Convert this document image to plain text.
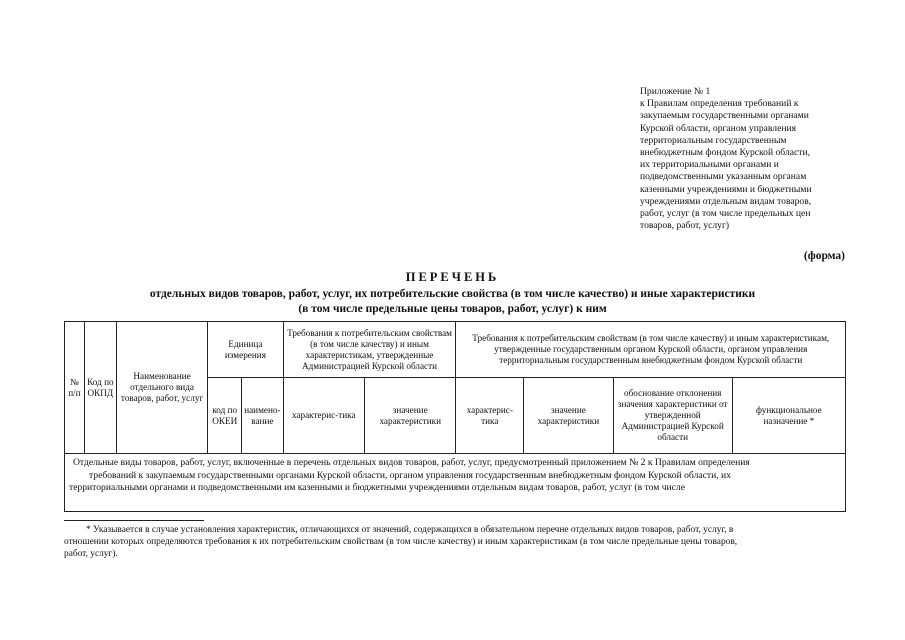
Приложение № 1
к Правилам определения требований к
закупаемым государственными органами
Курской области, органом управления
территориальным государственным
внебюджетным фондом Курской области,
их территориальными органами и
подведомственными указанным органам
казенными учреждениями и бюджетными
учреждениями отдельным видам товаров,
работ, услуг (в том числе предельных цен
товаров, работ, услуг)
(форма)
ПЕРЕЧЕНЬ
отдельных видов товаров, работ, услуг, их потребительские свойства (в том числе качество) и иные характеристики
(в том числе предельные цены товаров, работ, услуг) к ним
№ п/п	Код по ОКПД	Наименование отдельного вида товаров, работ, услуг	Единица измерения		Требования к потребительским свойствам (в том числе качеству) и иным характеристикам, утвержденные Администрацией Курской области		Требования к потребительским свойствам (в том числе качеству) и иным характеристикам, утвержденные государственным органом Курской области, органом управления территориальным государственным внебюджетным фондом Курской области			
			код по ОКЕИ	наимено-вание	характерис-тика	значение характеристики	характерис-тика	значение характеристики	обоснование отклонения значения характеристики от утвержденной Администрацией Курской области	функциональное назначение *

Отдельные виды товаров, работ, услуг, включенные в перечень отдельных видов товаров, работ, услуг, предусмотренный приложением № 2 к Правилам определения
требований к закупаемым государственными органами Курской области, органом управления государственным внебюджетным фондом Курской области, их
территориальными органами и подведомственными им казенными и бюджетными учреждениями отдельным видам товаров, работ, услуг (в том числе										
* Указывается в случае установления характеристик, отличающихся от значений, содержащихся в обязательном перечне отдельных видов товаров, работ, услуг, в
отношении которых определяются требования к их потребительским свойствам (в том числе качеству) и иным характеристикам (в том числе предельные цены товаров,
работ, услуг).
